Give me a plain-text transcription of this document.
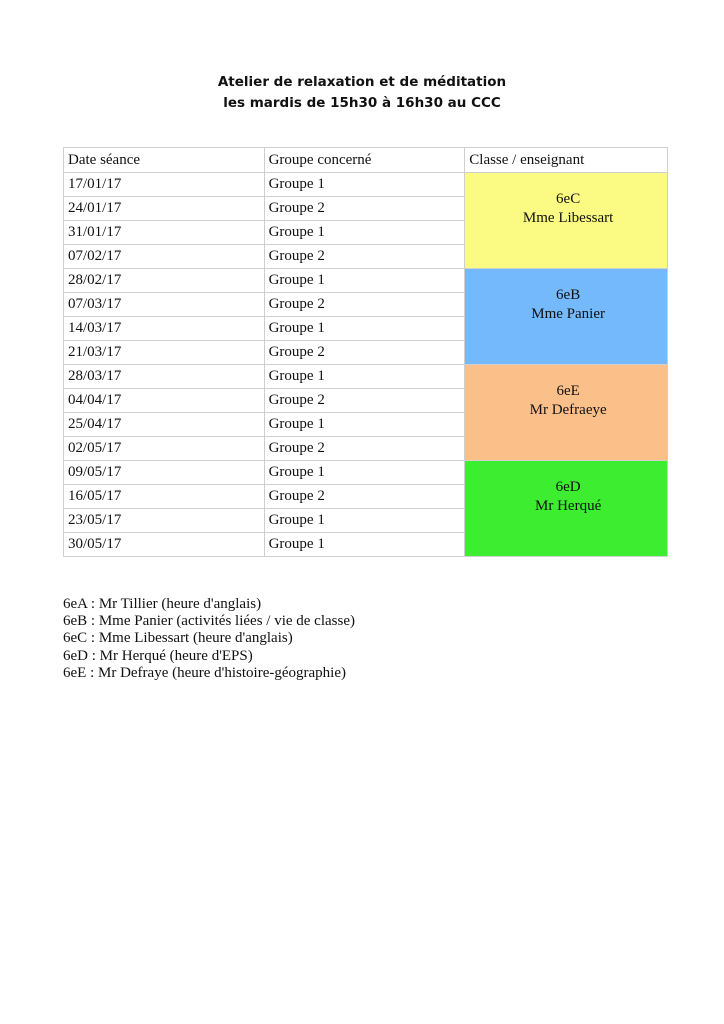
Atelier de relaxation et de méditation
les mardis de 15h30 à 16h30 au CCC
Date séance	Groupe concerné	Classe / enseignant
17/01/17	Groupe 1	6eC
Mme Libessart

24/01/17	Groupe 2	
31/01/17	Groupe 1	
07/02/17	Groupe 2	
28/02/17	Groupe 1	6eB
Mme Panier

07/03/17	Groupe 2	
14/03/17	Groupe 1	
21/03/17	Groupe 2	
28/03/17	Groupe 1	6eE
Mr Defraeye

04/04/17	Groupe 2	
25/04/17	Groupe 1	
02/05/17	Groupe 2	
09/05/17	Groupe 1	6eD
Mr Herqué

16/05/17	Groupe 2	
23/05/17	Groupe 1	
30/05/17	Groupe 1	
6eA : Mr Tillier (heure d'anglais)
6eB : Mme Panier (activités liées / vie de classe)
6eC : Mme Libessart (heure d'anglais)
6eD : Mr Herqué (heure d'EPS)
6eE : Mr Defraye (heure d'histoire-géographie)
